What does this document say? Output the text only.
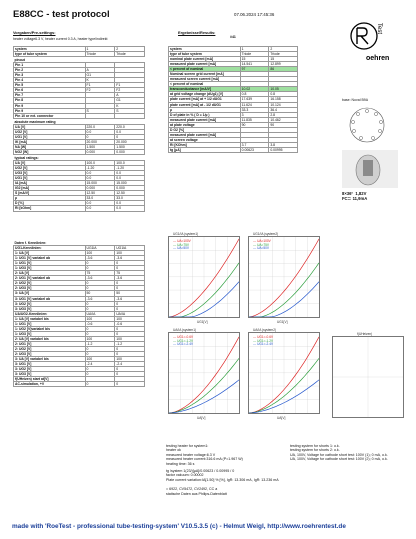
E88CC - test protocol	07.06.2024 17:45:36
Test
oehren
Vorgaben/Pre-settings:
heater voltage6.3 V, heater current 0.3 A, heater type\indirekt
Ergebnisse/Results:
#41
system	1	2
type of tube system	Triode	Triode
pinout		
Pin 1		
Pin 2	A	
Pin 3	G1	
Pin 4	K	
Pin 5	F1	F1
Pin 6	F2	F2
Pin 7		A
Pin 8		G1
Pin 9		K
Pin 9	S	S
Pin 10 or ext. connector		
absolute maximum rating		
UA [V]	220.0	220.0
UG2 [V]	0.0	0.0
UG1 [V]	0	0
IK [mA]	20.000	20.000
NA [W]	1.500	1.500
NG2 [W]	0.000	0.000
typical ratings:		
UA [V]	100.0	100.0
UG2 [V]	-1.20	-1.20
UG3 [V]	0.0	0.0
UG1 [V]	0.0	0.0
IA [mA]	15.000	15.000
IG2 [mA]	0.000	0.000
S [mA/V]	12.50	12.50
µ	33.0	33.0
D [%]	0.0	0.0
Ri [kOhm]	0.0	0.0
Daten f. Kennlinien:		
UG1-Kennlinien:	UG1lA	UG1lA
1: UA [V]	100	100
1: UG1 [V] variabel ab	-3.6	-3.6
1: UG1 [V]	0	0
1: UG3 [V]	0	0
2: UA [V]	75	75
2: UG1 [V] variabel ab	-3.6	-3.6
2: UG2 [V]	0	0
2: UG3 [V]	0	0
3: UA [V]	50	50
3: UG1 [V] variabel ab	-3.6	-3.6
3: UG2 [V]	0	0
3: UG3 [V]	0	0
UA/UG2-Kennlinien:	UA/IA	UA/IA
1: UA [V] variabel bis	100	100
1: UG1 [V]	-0.6	-0.6
1: UG2 [V]variabel bis	0	0
1: UG3 [V]	0	0
2: UA [V] variabel bis	100	100
2: UG1 [V]	-1.2	-1.2
2: UG2 [V]	0	0
2: UG3 [V]	0	0
3: UA [V] variabel bis	100	100
3: UG1 [V]	-2.4	-2.4
3: UG2 [V]	0	0
3: UG3 [V]	0	0
f(UHeizen) start at[V]		
AC-simulation, +V	0	0
system	1	2
type of tube system	Triode	Triode
nominal plate current [mA]	15	15
measured plate current [mA]	14.541	12.899
< percent of nominal	97	86
Nominal screen grid current [mA]		
measured screen current [mA]		
< percent of nominal		
transconductance [mA/V]	10.02	10.05
at grid voltage change (dUg1) [V]	0.8	0.8
plate current [mA] at + 1/2 dUG1	17.639	16.158
plate current [mA] at - 1/2 dUG1	11.624	10.124
µ	33.3	36.4
D of plate in % ( D = 1/µ )	3	2.8
measured plate current [mA]	11.835	10.462
at plate voltage	90	90
D G2 [%]		
measured plate current [mA]		
at screen voltage		
Ri [KOhm]	3.7	3.8
tg [µA]	0.00623	0.00995
base: Noval B9A
8×36°  1,82V
FC=: 11,9mA
UG1/IA (system1)
--- UA=100V
--- UA=75V
--- UA=50V
UG1[V]
UG1/IA (system2)
--- UA=100V
--- UA=75V
--- UA=50V
UG1[V]
UA/IA (system1)
--- UG1=-0.6V
--- UG1=-1.2V
--- UG1=-2.4V
UA[V]
UA/IA (system2)
--- UG1=-0.6V
--- UG1=-1.2V
--- UG1=-2.4V
UA[V]
f(UHeizen)
testing heater for system1:
heater ok
measured heater voltage:6.3 V
measured heater current:316.6 mA (P=1.967 W)
heating time: 36 s
tg /system 1(23/)[µA]/0.00623 / 0.00995 / 0
factor vakuum: 0.00002
Plate current variation:IA[1.50] % [%], IgR: 13.306 mA, IgR: 13.236 mA
= 6922, CV5472, CV2492, CC a
statische Daten aus Philips-Datenblatt
testing system for shorts 1: o.k.
testing system for shorts 2: o.k.
UA, 100V, Voltage for cathode short test: 100V (1); 0 mA, o.k.
UA, 100V, Voltage for cathode short test: 100V (2); 0 mA, o.k.
made with 'RoeTest - professional tube-testing-system' V10.5.3.5 (c) - Helmut Weigl, http://www.roehrentest.de
